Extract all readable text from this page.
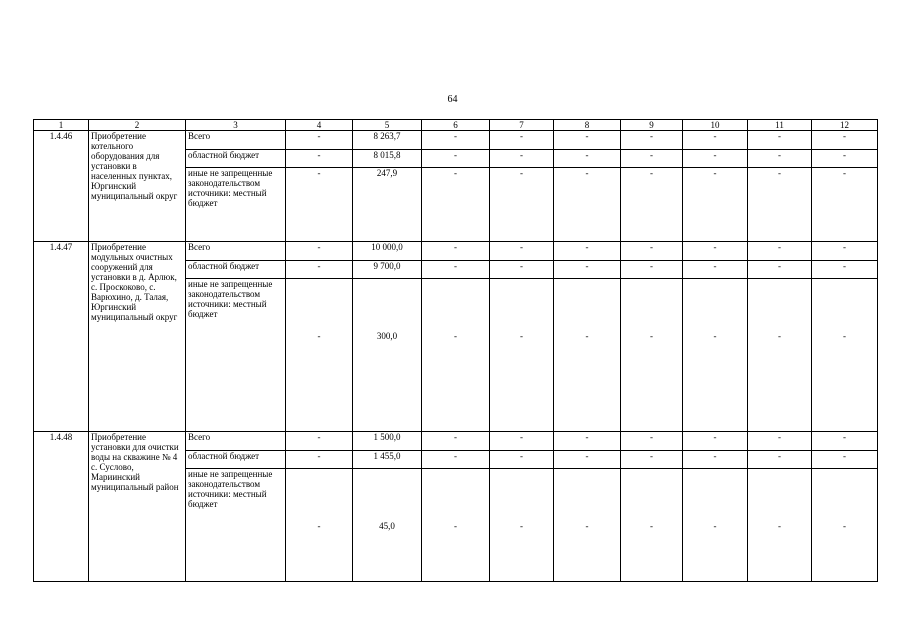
64
1	2	3	4	5	6	7	8	9	10	11	12
1.4.46	Приобретение котельного оборудования для установки в населенных пунктах, Юргинский муниципальный округ	Всего	-	8 263,7	-	-	-	-	-	-	-
		областной бюджет	-	8 015,8	-	-	-	-	-	-	-
		иные не запрещенные законодательством источники: местный бюджет	-	247,9	-	-	-	-	-	-	-
1.4.47	Приобретение модульных очистных сооружений для установки в д. Арлюк, с. Проскоково, с. Варюхино, д. Талая, Юргинский муниципальный округ	Всего	-	10 000,0	-	-	-	-	-	-	-
		областной бюджет	-	9 700,0	-	-	-	-	-	-	-
		иные не запрещенные законодательством источники: местный бюджет	-	300,0	-	-	-	-	-	-	-
1.4.48	Приобретение установки для очистки воды на скважине № 4 с. Суслово, Мариинский муниципальный район	Всего	-	1 500,0	-	-	-	-	-	-	-
		областной бюджет	-	1 455,0	-	-	-	-	-	-	-
		иные не запрещенные законодательством источники: местный бюджет	-	45,0	-	-	-	-	-	-	-
